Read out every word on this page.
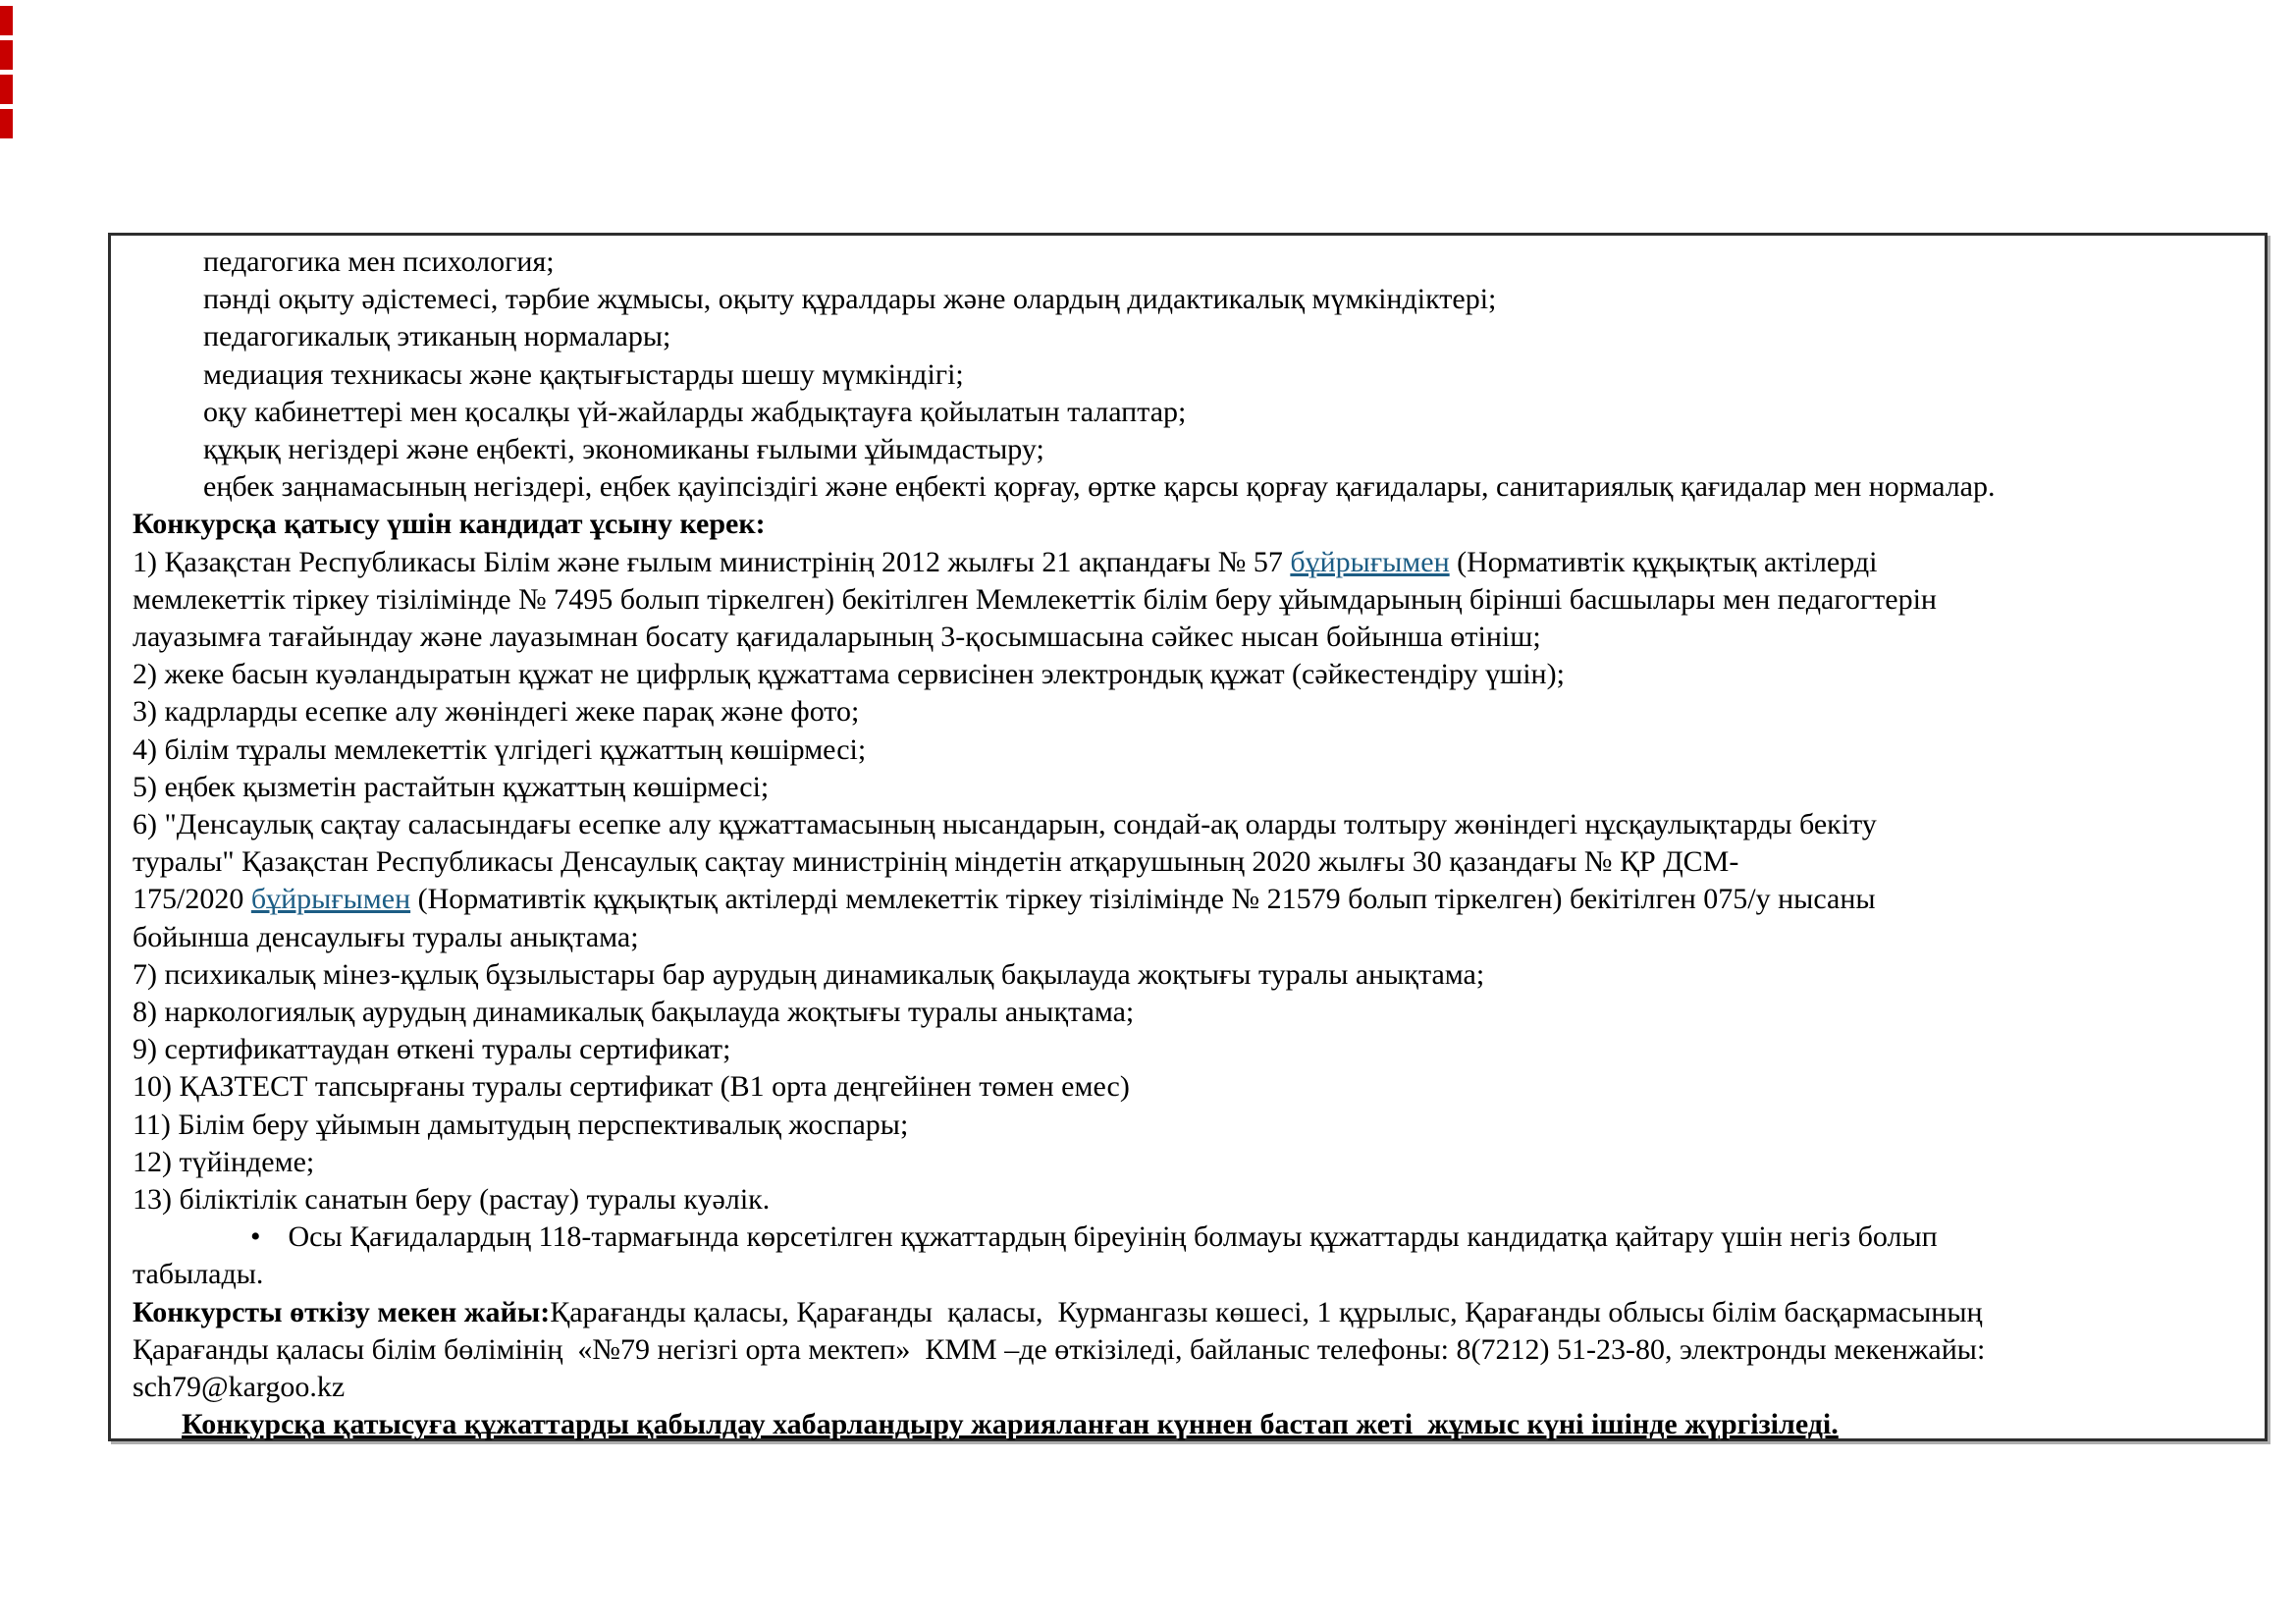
педагогика мен психология;
пәнді оқыту әдістемесі, тәрбие жұмысы, оқыту құралдары және олардың дидактикалық мүмкіндіктері;
педагогикалық этиканың нормалары;
медиация техникасы және қақтығыстарды шешу мүмкіндігі;
оқу кабинеттері мен қосалқы үй-жайларды жабдықтауға қойылатын талаптар;
құқық негіздері және еңбекті, экономиканы ғылыми ұйымдастыру;
еңбек заңнамасының негіздері, еңбек қауіпсіздігі және еңбекті қорғау, өртке қарсы қорғау қағидалары, санитариялық қағидалар мен нормалар.
Конкурсқа қатысу үшін кандидат ұсыну керек:
1) Қазақстан Республикасы Білім және ғылым министрінің 2012 жылғы 21 ақпандағы № 57 бұйрығымен (Нормативтік құқықтық актілерді
мемлекеттік тіркеу тізілімінде № 7495 болып тіркелген) бекітілген Мемлекеттік білім беру ұйымдарының бірінші басшылары мен педагогтерін
лауазымға тағайындау және лауазымнан босату қағидаларының 3-қосымшасына сәйкес нысан бойынша өтініш;
2) жеке басын куәландыратын құжат не цифрлық құжаттама сервисінен электрондық құжат (сәйкестендіру үшін);
3) кадрларды есепке алу жөніндегі жеке парақ және фото;
4) білім тұралы мемлекеттік үлгідегі құжаттың көшірмесі;
5) еңбек қызметін растайтын құжаттың көшірмесі;
6) "Денсаулық сақтау саласындағы есепке алу құжаттамасының нысандарын, сондай-ақ оларды толтыру жөніндегі нұсқаулықтарды бекіту
туралы" Қазақстан Республикасы Денсаулық сақтау министрінің міндетін атқарушының 2020 жылғы 30 қазандағы № ҚР ДСМ-
175/2020 бұйрығымен (Нормативтік құқықтық актілерді мемлекеттік тіркеу тізілімінде № 21579 болып тіркелген) бекітілген 075/у нысаны
бойынша денсаулығы туралы анықтама;
7) психикалық мінез-құлық бұзылыстары бар аурудың динамикалық бақылауда жоқтығы туралы анықтама;
8) наркологиялық аурудың динамикалық бақылауда жоқтығы туралы анықтама;
9) сертификаттаудан өткені туралы сертификат;
10) ҚАЗТЕСТ тапсырғаны туралы сертификат (В1 орта деңгейінен төмен емес)
11) Білім беру ұйымын дамытудың перспективалық жоспары;
12) түйіндеме;
13) біліктілік санатын беру (растау) туралы куәлік.
• Осы Қағидалардың 118-тармағында көрсетілген құжаттардың біреуінің болмауы құжаттарды кандидатқа қайтару үшін негіз болып
табылады.
Конкурсты өткізу мекен жайы:Қарағанды қаласы, Қарағанды  қаласы,  Курмангазы көшесі, 1 құрылыс, Қарағанды облысы білім басқармасының
Қарағанды қаласы білім бөлімінің  «№79 негізгі орта мектеп»  КММ –де өткізіледі, байланыс телефоны: 8(7212) 51-23-80, электронды мекенжайы:
sch79@kargoo.kz
Конкурсқа қатысуға құжаттарды қабылдау хабарландыру жарияланған күннен бастап жеті  жұмыс күні ішінде жүргізіледі.
